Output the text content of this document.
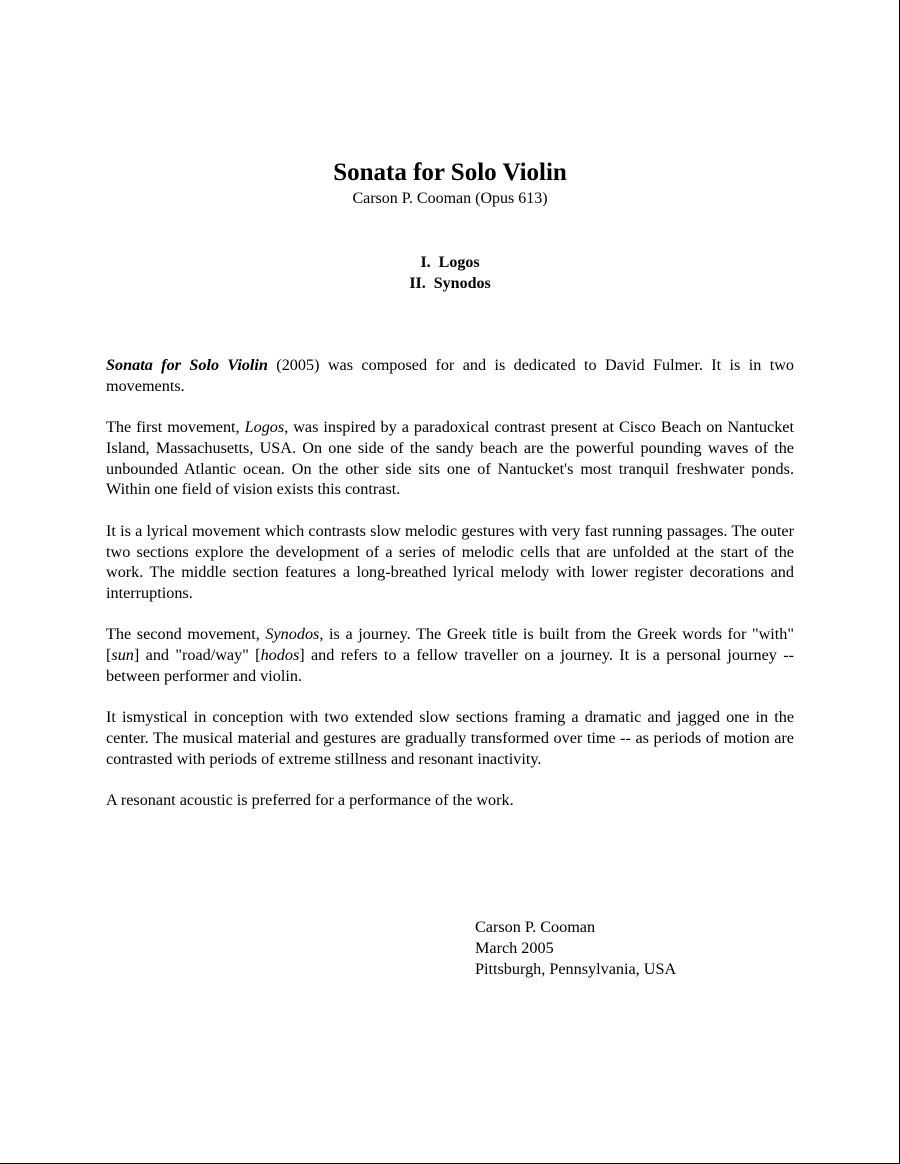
Sonata for Solo Violin
Carson P. Cooman (Opus 613)
I.  Logos
II.  Synodos

Sonata for Solo Violin (2005) was composed for and is dedicated to David Fulmer. It is in two movements.

The first movement, Logos, was inspired by a paradoxical contrast present at Cisco Beach on Nantucket Island, Massachusetts, USA. On one side of the sandy beach are the powerful pounding waves of the unbounded Atlantic ocean. On the other side sits one of Nantucket's most tranquil freshwater ponds. Within one field of vision exists this contrast.

It is a lyrical movement which contrasts slow melodic gestures with very fast running passages. The outer two sections explore the development of a series of melodic cells that are unfolded at the start of the work. The middle section features a long-breathed lyrical melody with lower register decorations and interruptions.

The second movement, Synodos, is a journey. The Greek title is built from the Greek words for "with" [sun] and "road/way" [hodos] and refers to a fellow traveller on a journey. It is a personal journey -- between performer and violin.

It ismystical in conception with two extended slow sections framing a dramatic and jagged one in the center. The musical material and gestures are gradually transformed over time -- as periods of motion are contrasted with periods of extreme stillness and resonant inactivity.

A resonant acoustic is preferred for a performance of the work.

Carson P. Cooman
March 2005
Pittsburgh, Pennsylvania, USA
